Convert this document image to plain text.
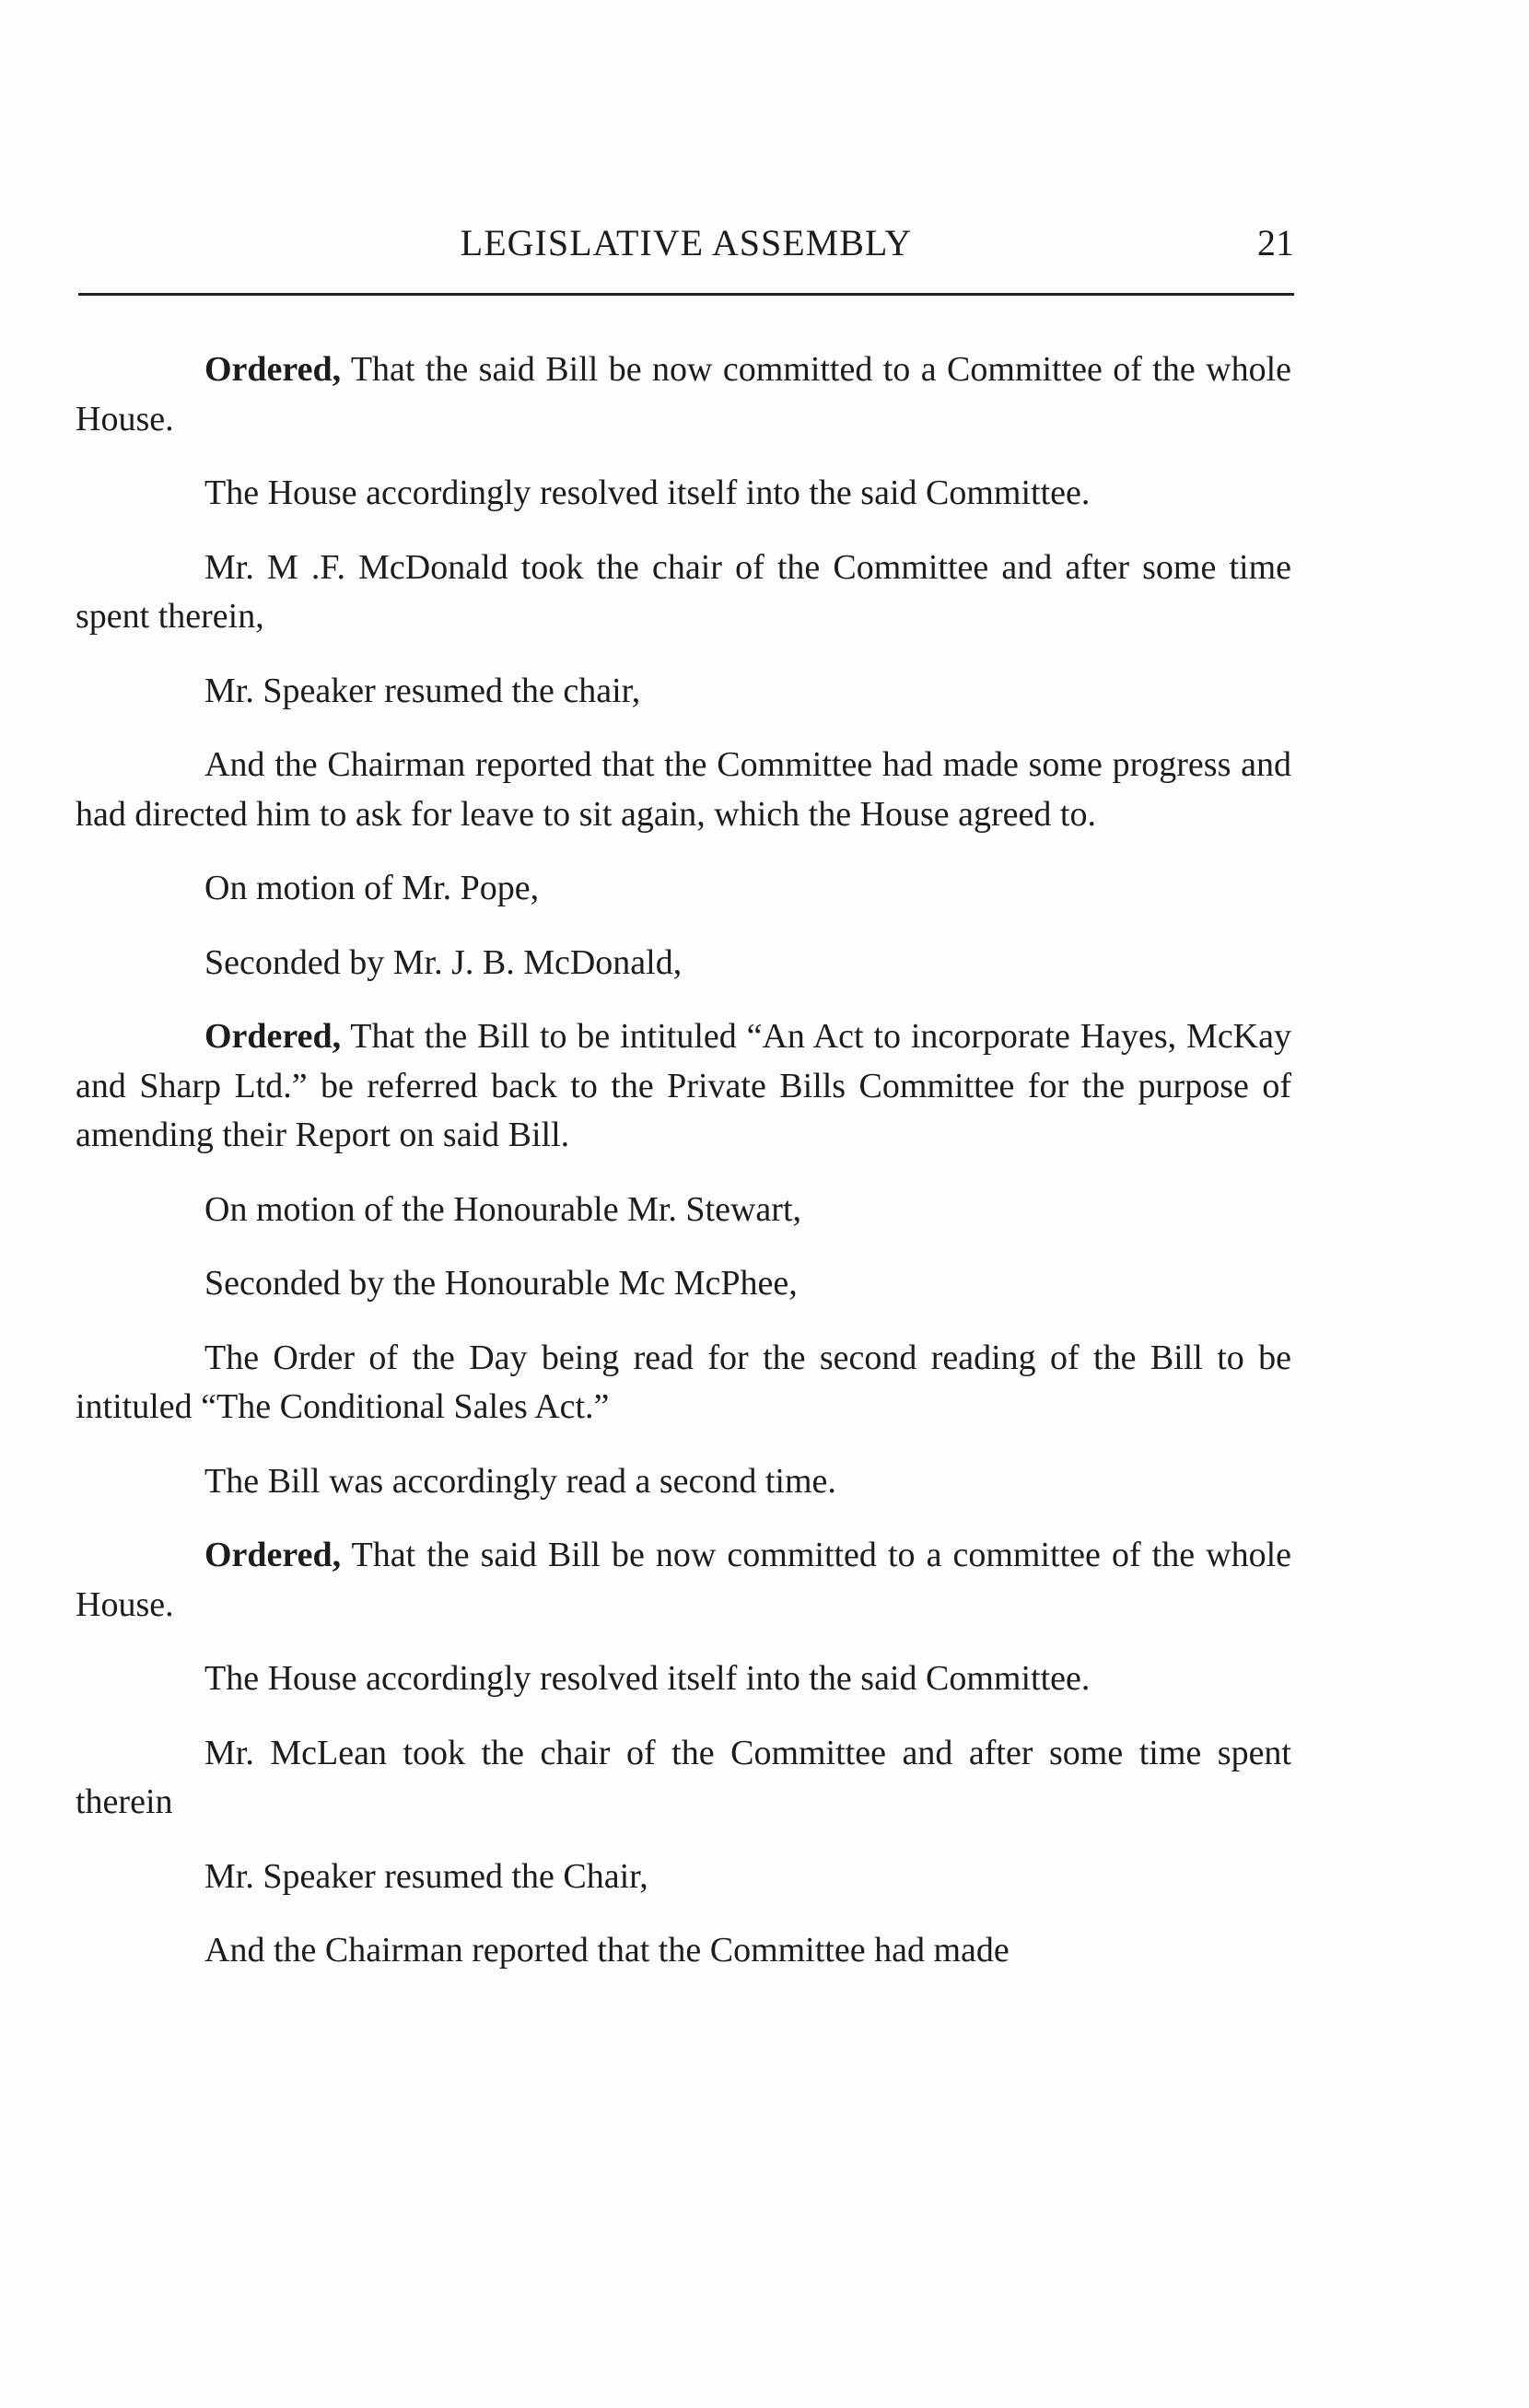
LEGISLATIVE ASSEMBLY	21

Ordered, That the said Bill be now committed to a Committee of the whole House.

The House accordingly resolved itself into the said Committee.

Mr. M .F. McDonald took the chair of the Committee and after some time spent therein,

Mr. Speaker resumed the chair,

And the Chairman reported that the Committee had made some progress and had directed him to ask for leave to sit again, which the House agreed to.

On motion of Mr. Pope,

Seconded by Mr. J. B. McDonald,

Ordered, That the Bill to be intituled “An Act to incorporate Hayes, McKay and Sharp Ltd.” be referred back to the Private Bills Committee for the purpose of amending their Report on said Bill.

On motion of the Honourable Mr. Stewart,

Seconded by the Honourable Mc McPhee,

The Order of the Day being read for the second reading of the Bill to be intituled “The Conditional Sales Act.”

The Bill was accordingly read a second time.

Ordered, That the said Bill be now committed to a committee of the whole House.

The House accordingly resolved itself into the said Committee.

Mr. McLean took the chair of the Committee and after some time spent therein

Mr. Speaker resumed the Chair,

And the Chairman reported that the Committee had made
